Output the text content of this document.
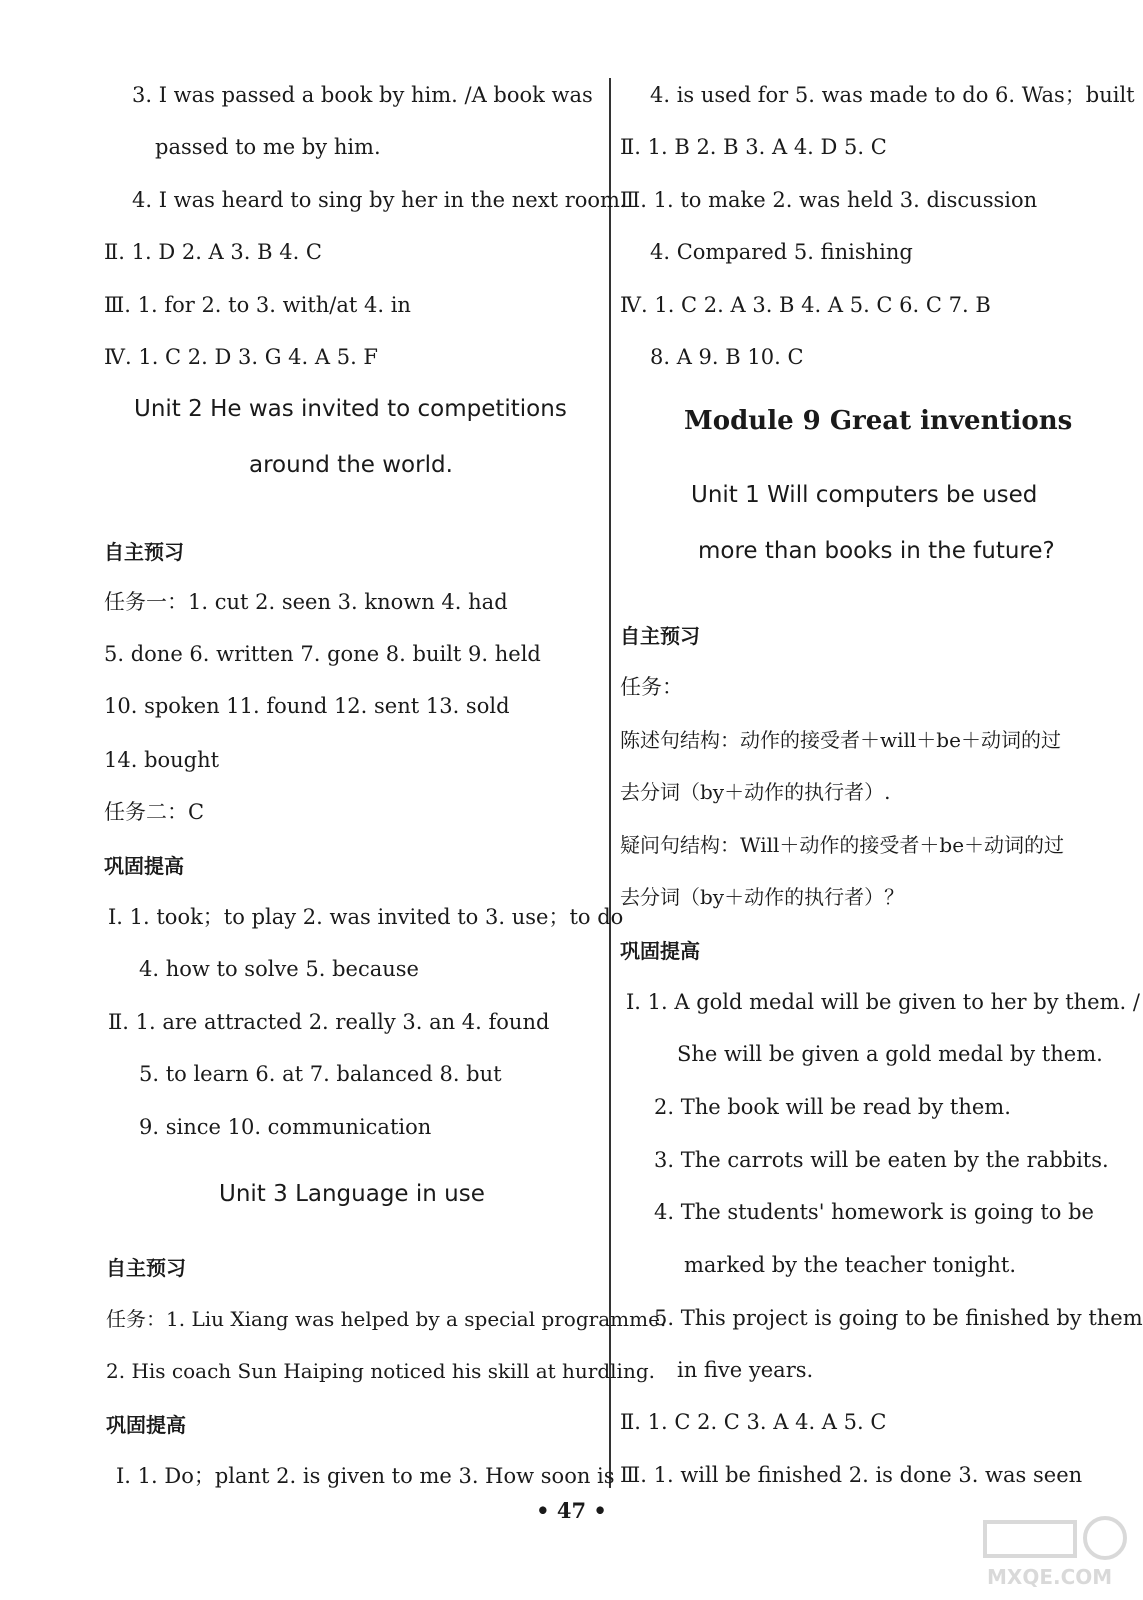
3. I was passed a book by him. /A book was
passed to me by him.
4. I was heard to sing by her in the next room.
Ⅱ. 1. D 2. A 3. B 4. C
Ⅲ. 1. for 2. to 3. with/at 4. in
Ⅳ. 1. C 2. D 3. G 4. A 5. F
Unit 2 He was invited to competitions
around the world.
自主预习
任务一：1. cut 2. seen 3. known 4. had
5. done 6. written 7. gone 8. built 9. held
10. spoken 11. found 12. sent 13. sold
14. bought
任务二：C
巩固提高
Ⅰ. 1. took；to play 2. was invited to 3. use；to do
4. how to solve 5. because
Ⅱ. 1. are attracted 2. really 3. an 4. found
5. to learn 6. at 7. balanced 8. but
9. since 10. communication
Unit 3 Language in use
自主预习
任务：1. Liu Xiang was helped by a special programme.
2. His coach Sun Haiping noticed his skill at hurdling.
巩固提高
Ⅰ. 1. Do；plant 2. is given to me 3. How soon is
4. is used for 5. was made to do 6. Was；built
Ⅱ. 1. B 2. B 3. A 4. D 5. C
Ⅲ. 1. to make 2. was held 3. discussion
4. Compared 5. finishing
Ⅳ. 1. C 2. A 3. B 4. A 5. C 6. C 7. B
8. A 9. B 10. C
Module 9 Great inventions
Unit 1 Will computers be used
more than books in the future?
自主预习
任务：
陈述句结构：动作的接受者＋will＋be＋动词的过
去分词（by＋动作的执行者）.
疑问句结构：Will＋动作的接受者＋be＋动词的过
去分词（by＋动作的执行者）？
巩固提高
Ⅰ. 1. A gold medal will be given to her by them. /
She will be given a gold medal by them.
2. The book will be read by them.
3. The carrots will be eaten by the rabbits.
4. The students' homework is going to be
marked by the teacher tonight.
5. This project is going to be finished by them
in five years.
Ⅱ. 1. C 2. C 3. A 4. A 5. C
Ⅲ. 1. will be finished 2. is done 3. was seen
• 47 •
MXQE.COM
